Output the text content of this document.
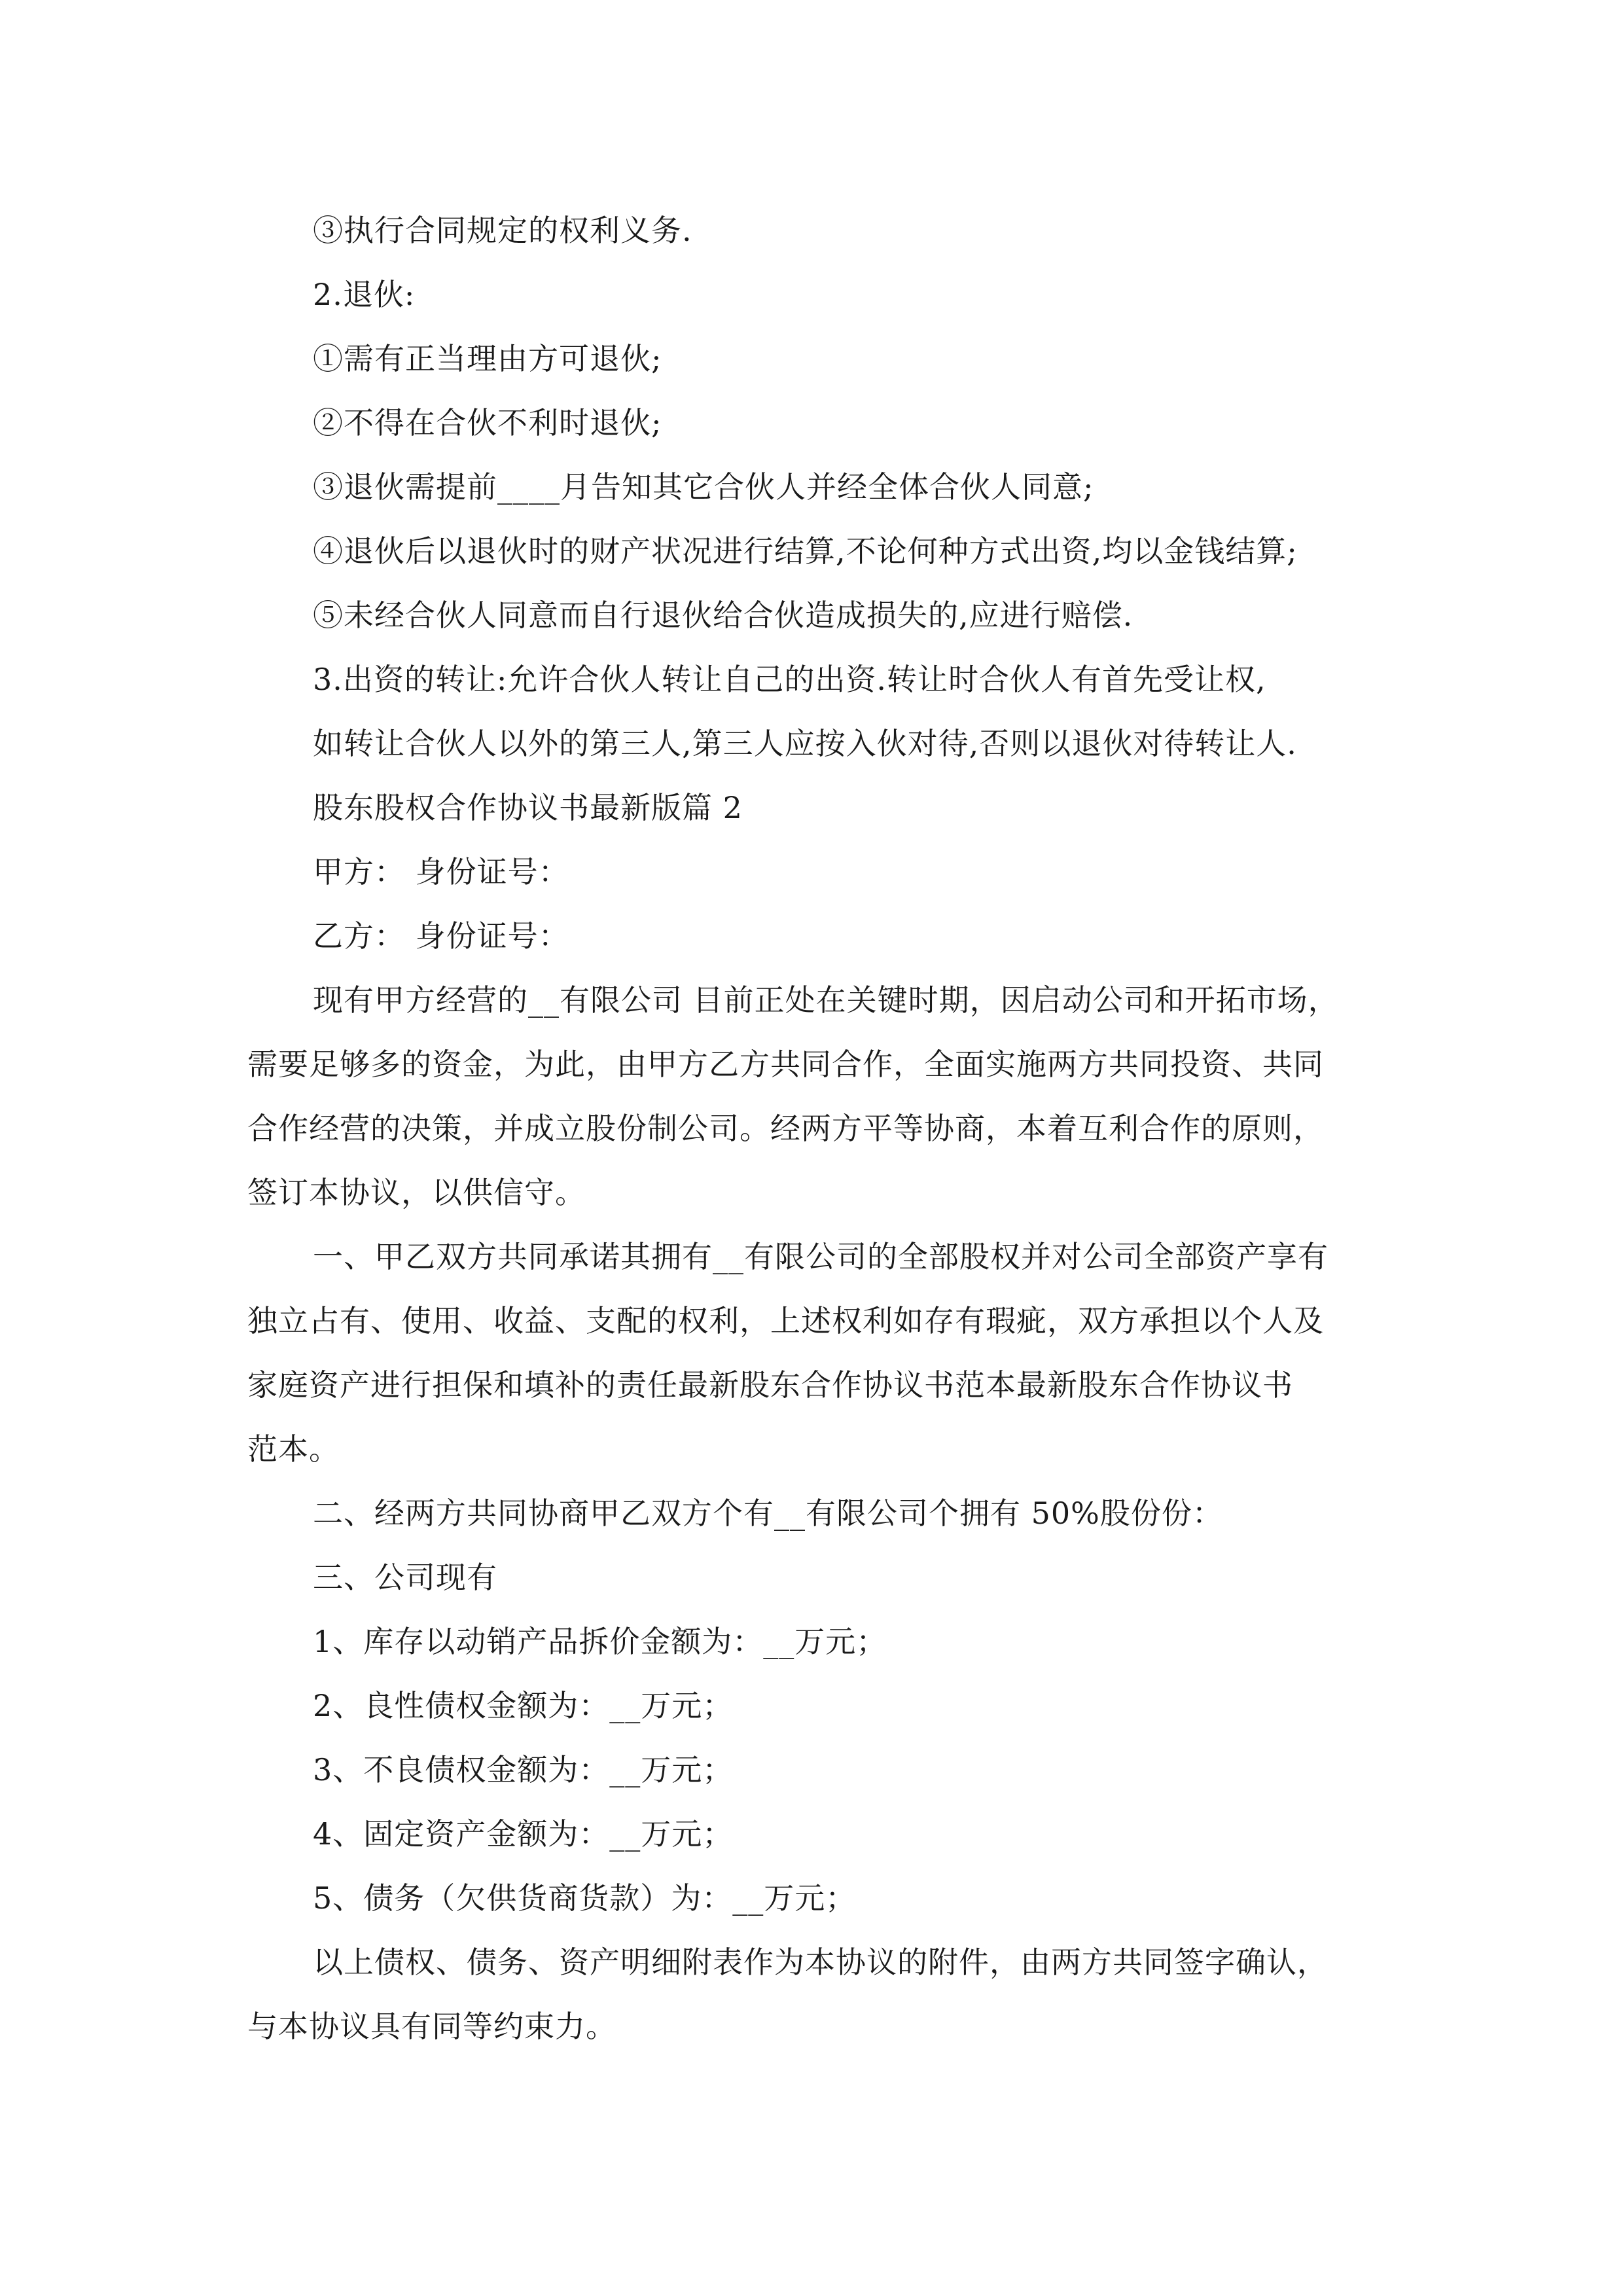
③执行合同规定的权利义务.
2.退伙:
①需有正当理由方可退伙;
②不得在合伙不利时退伙;
③退伙需提前____月告知其它合伙人并经全体合伙人同意;
④退伙后以退伙时的财产状况进行结算,不论何种方式出资,均以金钱结算;
⑤未经合伙人同意而自行退伙给合伙造成损失的,应进行赔偿.
3.出资的转让:允许合伙人转让自己的出资.转让时合伙人有首先受让权,
如转让合伙人以外的第三人,第三人应按入伙对待,否则以退伙对待转让人.
股东股权合作协议书最新版篇 2
甲方： 身份证号：
乙方： 身份证号：
现有甲方经营的__有限公司 目前正处在关键时期，因启动公司和开拓市场，
需要足够多的资金，为此，由甲方乙方共同合作，全面实施两方共同投资、共同
合作经营的决策，并成立股份制公司。经两方平等协商，本着互利合作的原则，
签订本协议，以供信守。
一、甲乙双方共同承诺其拥有__有限公司的全部股权并对公司全部资产享有
独立占有、使用、收益、支配的权利，上述权利如存有瑕疵，双方承担以个人及
家庭资产进行担保和填补的责任最新股东合作协议书范本最新股东合作协议书
范本。
二、经两方共同协商甲乙双方个有__有限公司个拥有 50%股份份：
三、公司现有
1、库存以动销产品拆价金额为：__万元；
2、良性债权金额为：__万元；
3、不良债权金额为：__万元；
4、固定资产金额为：__万元；
5、债务（欠供货商货款）为：__万元；
以上债权、债务、资产明细附表作为本协议的附件，由两方共同签字确认，
与本协议具有同等约束力。
